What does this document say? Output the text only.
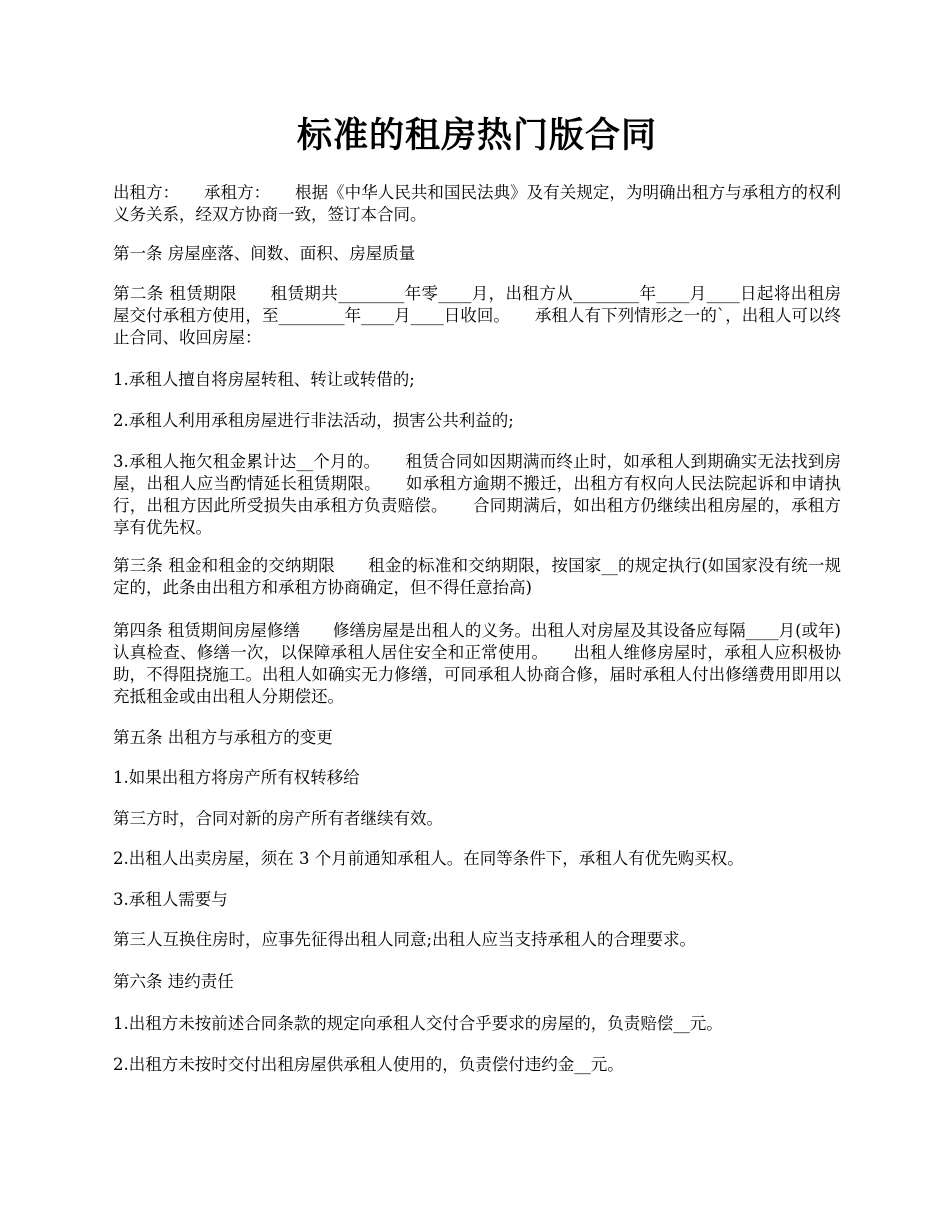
标准的租房热门版合同

出租方：　　承租方：　　根据《中华人民共和国民法典》及有关规定，为明确出租方与承租方的权利义务关系，经双方协商一致，签订本合同。

第一条 房屋座落、间数、面积、房屋质量

第二条 租赁期限　　租赁期共________年零____月，出租方从________年____月____日起将出租房屋交付承租方使用，至________年____月____日收回。　　承租人有下列情形之一的`，出租人可以终止合同、收回房屋：

1.承租人擅自将房屋转租、转让或转借的;

2.承租人利用承租房屋进行非法活动，损害公共利益的;

3.承租人拖欠租金累计达__个月的。　　租赁合同如因期满而终止时，如承租人到期确实无法找到房屋，出租人应当酌情延长租赁期限。　　如承租方逾期不搬迁，出租方有权向人民法院起诉和申请执行，出租方因此所受损失由承租方负责赔偿。　　合同期满后，如出租方仍继续出租房屋的，承租方享有优先权。

第三条 租金和租金的交纳期限　　租金的标准和交纳期限，按国家__的规定执行(如国家没有统一规定的，此条由出租方和承租方协商确定，但不得任意抬高)

第四条 租赁期间房屋修缮　　修缮房屋是出租人的义务。出租人对房屋及其设备应每隔____月(或年)认真检查、修缮一次，以保障承租人居住安全和正常使用。　　出租人维修房屋时，承租人应积极协助，不得阻挠施工。出租人如确实无力修缮，可同承租人协商合修，届时承租人付出修缮费用即用以充抵租金或由出租人分期偿还。

第五条 出租方与承租方的变更

1.如果出租方将房产所有权转移给

第三方时，合同对新的房产所有者继续有效。

2.出租人出卖房屋，须在 3 个月前通知承租人。在同等条件下，承租人有优先购买权。

3.承租人需要与

第三人互换住房时，应事先征得出租人同意;出租人应当支持承租人的合理要求。

第六条 违约责任

1.出租方未按前述合同条款的规定向承租人交付合乎要求的房屋的，负责赔偿__元。

2.出租方未按时交付出租房屋供承租人使用的，负责偿付违约金__元。
